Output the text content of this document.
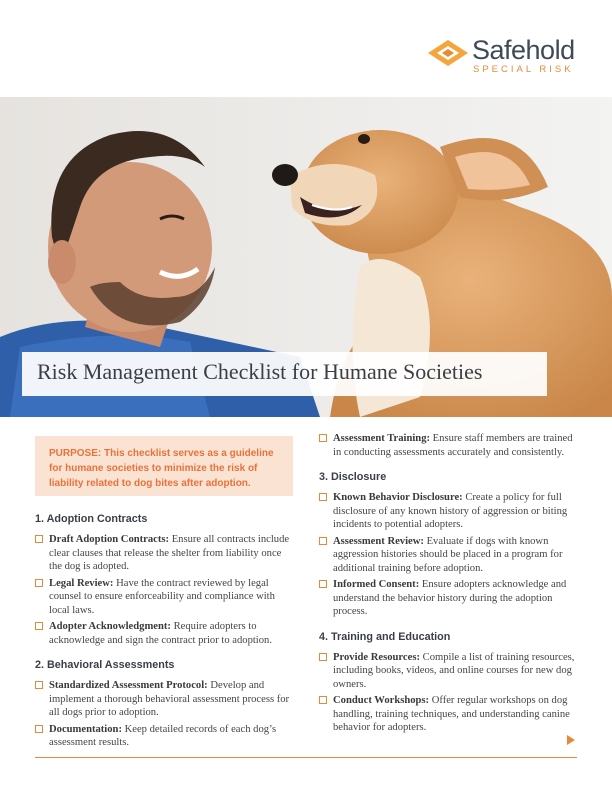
Safehold
SPECIAL RISK
Risk Management Checklist for Humane Societies

PURPOSE: This checklist serves as a guideline for humane societies to minimize the risk of liability related to dog bites after adoption.

1. Adoption Contracts
Draft Adoption Contracts: Ensure all contracts include clear clauses that release the shelter from liability once the dog is adopted.
Legal Review: Have the contract reviewed by legal counsel to ensure enforceability and compliance with local laws.
Adopter Acknowledgment: Require adopters to acknowledge and sign the contract prior to adoption.
2. Behavioral Assessments
Standardized Assessment Protocol: Develop and implement a thorough behavioral assessment process for all dogs prior to adoption.
Documentation: Keep detailed records of each dog’s assessment results.
Assessment Training: Ensure staff members are trained in conducting assessments accurately and consistently.
3. Disclosure
Known Behavior Disclosure: Create a policy for full disclosure of any known history of aggression or biting incidents to potential adopters.
Assessment Review: Evaluate if dogs with known aggression histories should be placed in a program for additional training before adoption.
Informed Consent: Ensure adopters acknowledge and understand the behavior history during the adoption process.
4. Training and Education
Provide Resources: Compile a list of training resources, including books, videos, and online courses for new dog owners.
Conduct Workshops: Offer regular workshops on dog handling, training techniques, and understanding canine behavior for adopters.
